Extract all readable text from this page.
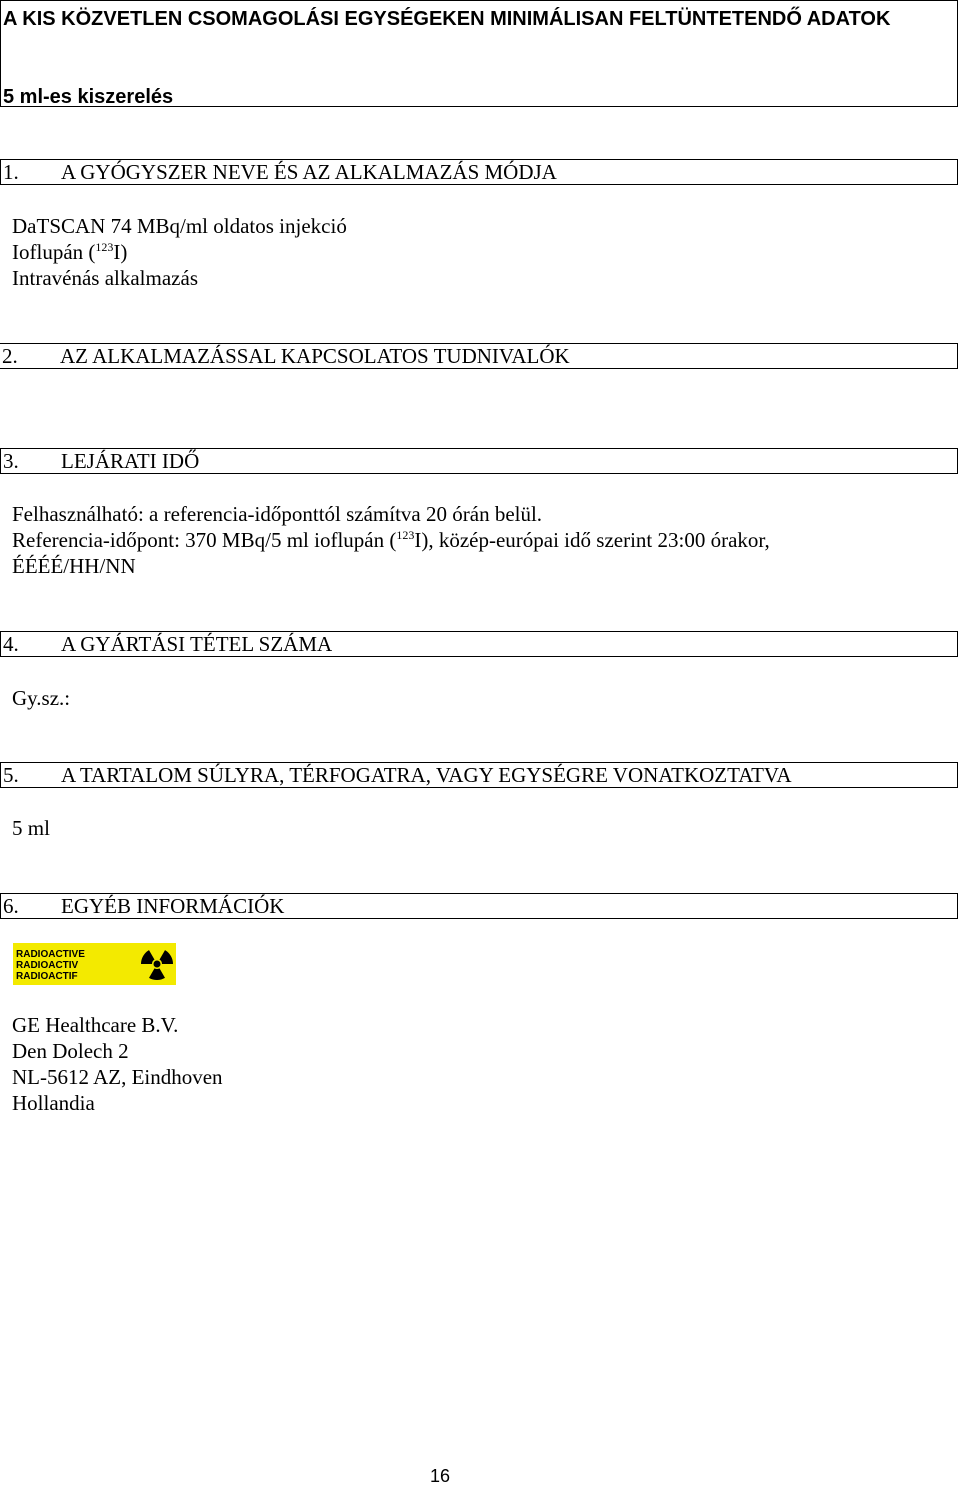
A KIS KÖZVETLEN CSOMAGOLÁSI EGYSÉGEKEN MINIMÁLISAN FELTÜNTETENDŐ ADATOK
5 ml-es kiszerelés
1. A GYÓGYSZER NEVE ÉS AZ ALKALMAZÁS MÓDJA
DaTSCAN 74 MBq/ml oldatos injekció
Ioflupán ($^{123}$I)
Intravénás alkalmazás
2. AZ ALKALMAZÁSSAL KAPCSOLATOS TUDNIVALÓK
3. LEJÁRATI IDŐ
Felhasználható: a referencia-időponttól számítva 20 órán belül.
Referencia-időpont: 370 MBq/5 ml ioflupán ($^{123}$I), közép-európai idő szerint 23:00 órakor,
ÉÉÉÉ/HH/NN
4. A GYÁRTÁSI TÉTEL SZÁMA
Gy.sz.:
5. A TARTALOM SÚLYRA, TÉRFOGATRA, VAGY EGYSÉGRE VONATKOZTATVA
5 ml
6. EGYÉB INFORMÁCIÓK
RADIOACTIVE
RADIOACTIV
RADIOACTIF
GE Healthcare B.V.
Den Dolech 2
NL-5612 AZ, Eindhoven
Hollandia
16
